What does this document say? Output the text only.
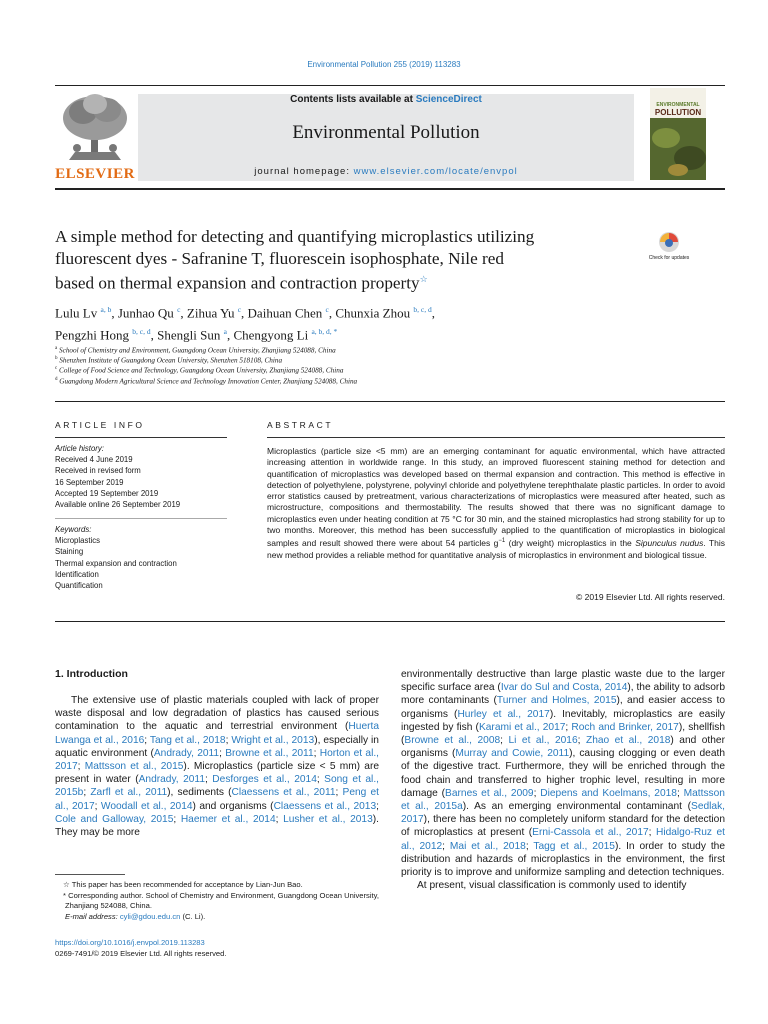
Environmental Pollution 255 (2019) 113283
ELSEVIER
Contents lists available at ScienceDirect
Environmental Pollution
journal homepage: www.elsevier.com/locate/envpol
ENVIRONMENTAL
POLLUTION
A simple method for detecting and quantifying microplastics utilizing
fluorescent dyes - Safranine T, fluorescein isophosphate, Nile red
based on thermal expansion and contraction property☆
Check for updates
Lulu Lv $^{a, b}$, Junhao Qu $^c$, Zihua Yu $^c$, Daihuan Chen $^c$, Chunxia Zhou $^{b, c, d}$,
Pengzhi Hong $^{b, c, d}$, Shengli Sun $^a$, Chengyong Li $^{a, b, d, *}$
$^a$ School of Chemistry and Environment, Guangdong Ocean University, Zhanjiang 524088, China
$^b$ Shenzhen Institute of Guangdong Ocean University, Shenzhen 518108, China
$^c$ College of Food Science and Technology, Guangdong Ocean University, Zhanjiang 524088, China
$^d$ Guangdong Modern Agricultural Science and Technology Innovation Center, Zhanjiang 524088, China
ARTICLE INFO
Article history:
Received 4 June 2019
Received in revised form
16 September 2019
Accepted 19 September 2019
Available online 26 September 2019
Keywords:
Microplastics
Staining
Thermal expansion and contraction
Identification
Quantification
ABSTRACT
Microplastics (particle size <5 mm) are an emerging contaminant for aquatic environmental, which have attracted increasing attention in worldwide range. In this study, an improved fluorescent staining method for detection and quantification of microplastics was developed based on thermal expansion and contraction. This method is effective in detection of polyethylene, polystyrene, polyvinyl chloride and polyethylene terephthalate plastic particles. In order to avoid error statistics caused by pretreatment, various characterizations of microplastics were measured after heated, such as microstructure, compositions and thermostability. The results showed that there was no significant damage to microplastics even under heating condition at 75 °C for 30 min, and the stained microplastics had strong stability for up to two months. Moreover, this method has been successfully applied to the quantification of microplastics in biological samples and result showed there were about 54 particles $g^{-1}$ (dry weight) microplastics in the Sipunculus nudus. This new method provides a reliable method for quantitative analysis of microplastics in environment and biological tissue.
© 2019 Elsevier Ltd. All rights reserved.
1. Introduction
The extensive use of plastic materials coupled with lack of proper waste disposal and low degradation of plastics has caused serious contamination to the aquatic and terrestrial environment (Huerta Lwanga et al., 2016; Tang et al., 2018; Wright et al., 2013), especially in aquatic environment (Andrady, 2011; Browne et al., 2011; Horton et al., 2017; Mattsson et al., 2015). Microplastics (particle size < 5 mm) are present in water (Andrady, 2011; Desforges et al., 2014; Song et al., 2015b; Zarfl et al., 2011), sediments (Claessens et al., 2011; Peng et al., 2017; Woodall et al., 2014) and organisms (Claessens et al., 2013; Cole and Galloway, 2015; Haemer et al., 2014; Lusher et al., 2013). They may be more

environmentally destructive than large plastic waste due to the larger specific surface area (Ivar do Sul and Costa, 2014), the ability to adsorb more contaminants (Turner and Holmes, 2015), and easier access to organisms (Hurley et al., 2017). Inevitably, microplastics are easily ingested by fish (Karami et al., 2017; Roch and Brinker, 2017), shellfish (Browne et al., 2008; Li et al., 2016; Zhao et al., 2018) and other organisms (Murray and Cowie, 2011), causing clogging or even death of the digestive tract. Furthermore, they will be enriched through the food chain and transferred to higher trophic level, resulting in more damage (Barnes et al., 2009; Diepens and Koelmans, 2018; Mattsson et al., 2015a). As an emerging environmental contaminant (Sedlak, 2017), there has been no completely uniform standard for the detection of microplastics at present (Erni-Cassola et al., 2017; Hidalgo-Ruz et al., 2012; Mai et al., 2018; Tagg et al., 2015). In order to study the distribution and hazards of microplastics in the environment, the first priority is to improve and uniformize sampling and detection techniques.

At present, visual classification is commonly used to identify

☆ This paper has been recommended for acceptance by Lian-Jun Bao.
* Corresponding author. School of Chemistry and Environment, Guangdong Ocean University, Zhanjiang 524088, China.
E-mail address: cyli@gdou.edu.cn (C. Li).
https://doi.org/10.1016/j.envpol.2019.113283
0269-7491/© 2019 Elsevier Ltd. All rights reserved.
